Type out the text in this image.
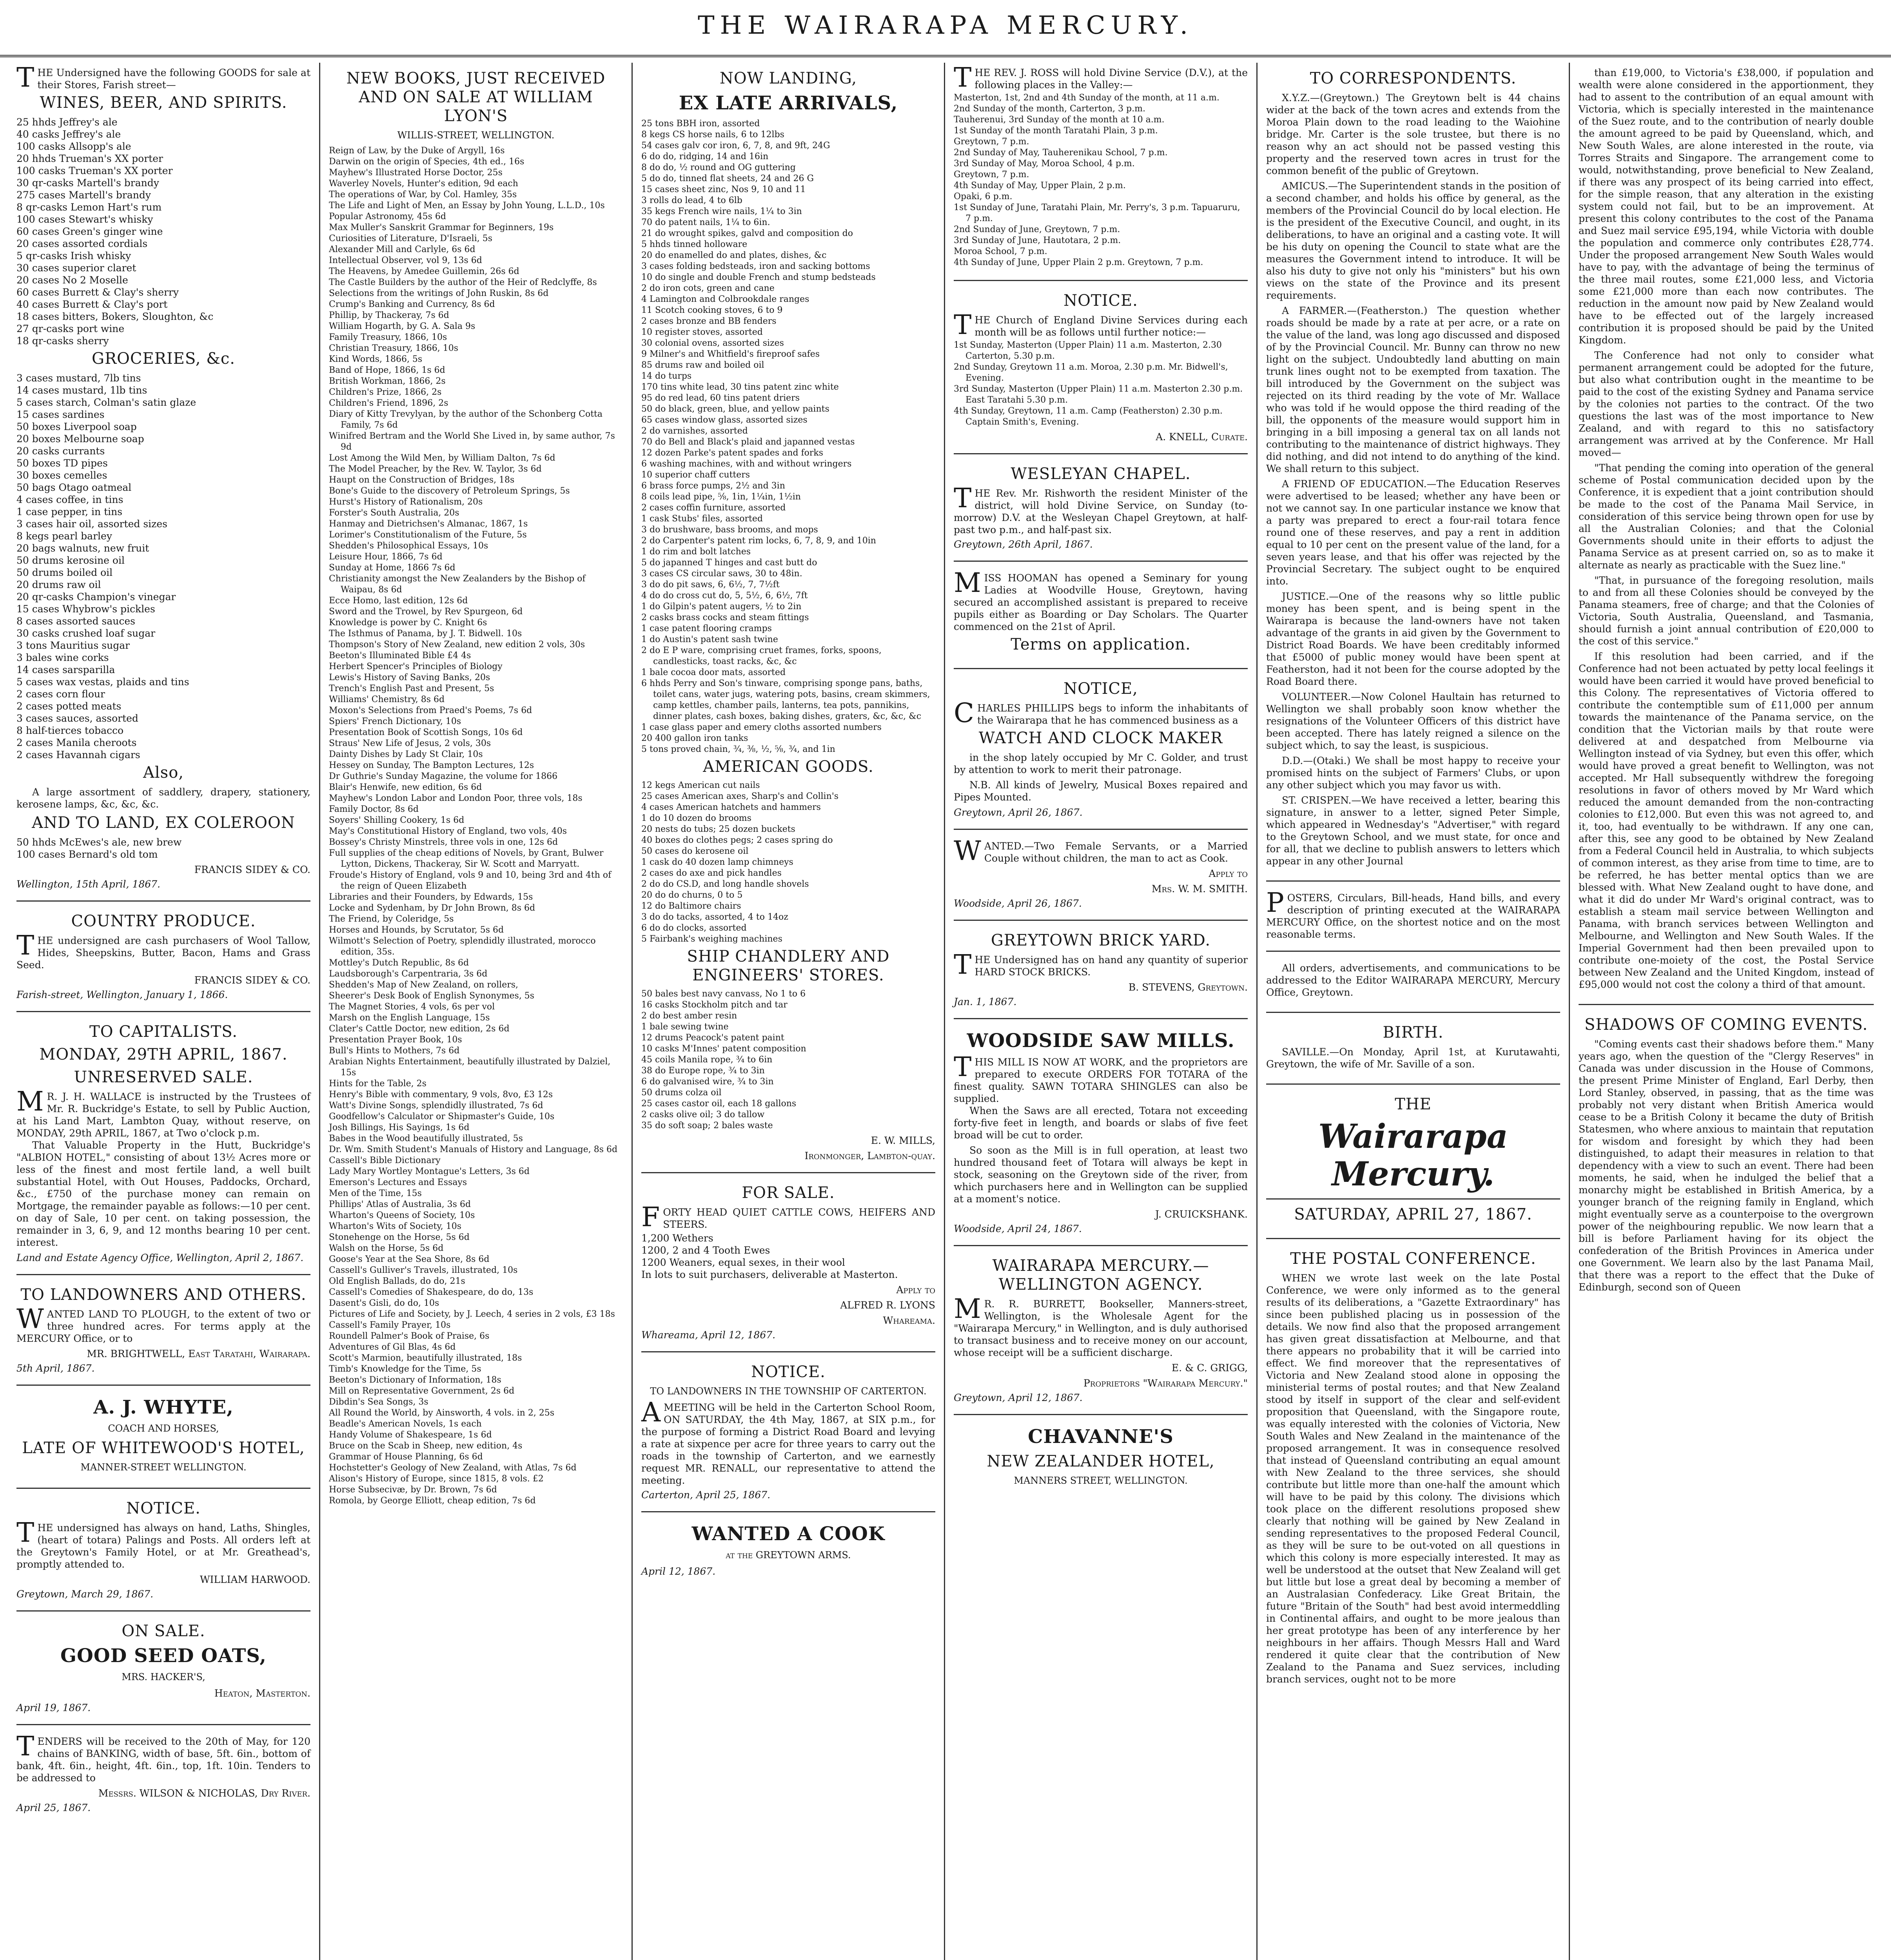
THE WAIRARAPA MERCURY.
THE Undersigned have the following GOODS for sale at their Stores, Farish street—
WINES, BEER, AND SPIRITS.
25 hhds Jeffrey's ale
40 casks Jeffrey's ale
100 casks Allsopp's ale
20 hhds Trueman's XX porter
100 casks Trueman's XX porter
30 qr-casks Martell's brandy
275 cases Martell's brandy
8 qr-casks Lemon Hart's rum
100 cases Stewart's whisky
60 cases Green's ginger wine
20 cases assorted cordials
5 qr-casks Irish whisky
30 cases superior claret
20 cases No 2 Moselle
60 cases Burrett & Clay's sherry
40 cases Burrett & Clay's port
18 cases bitters, Bokers, Sloughton, &c
27 qr-casks port wine
18 qr-casks sherry
GROCERIES, &c.
3 cases mustard, 7lb tins
14 cases mustard, 1lb tins
5 cases starch, Colman's satin glaze
15 cases sardines
50 boxes Liverpool soap
20 boxes Melbourne soap
20 casks currants
50 boxes TD pipes
30 boxes cemelles
50 bags Otago oatmeal
4 cases coffee, in tins
1 case pepper, in tins
3 cases hair oil, assorted sizes
8 kegs pearl barley
20 bags walnuts, new fruit
50 drums kerosine oil
50 drums boiled oil
20 drums raw oil
20 qr-casks Champion's vinegar
15 cases Whybrow's pickles
8 cases assorted sauces
30 casks crushed loaf sugar
3 tons Mauritius sugar
3 bales wine corks
14 cases sarsparilla
5 cases wax vestas, plaids and tins
2 cases corn flour
2 cases potted meats
3 cases sauces, assorted
8 half-tierces tobacco
2 cases Manila cheroots
2 cases Havannah cigars
Also,
A large assortment of saddlery, drapery, stationery, kerosene lamps, &c, &c, &c.
AND TO LAND, EX COLEROON
50 hhds McEwes's ale, new brew
100 cases Bernard's old tom
FRANCIS SIDEY & CO.
Wellington, 15th April, 1867.
COUNTRY PRODUCE.
THE undersigned are cash purchasers of Wool Tallow, Hides, Sheepskins, Butter, Bacon, Hams and Grass Seed.
FRANCIS SIDEY & CO.
Farish-street, Wellington, January 1, 1866.
TO CAPITALISTS.
MONDAY, 29TH APRIL, 1867.
UNRESERVED SALE.
MR. J. H. WALLACE is instructed by the Trustees of Mr. R. Buckridge's Estate, to sell by Public Auction, at his Land Mart, Lambton Quay, without reserve, on MONDAY, 29th APRIL, 1867, at Two o'clock p.m.
That Valuable Property in the Hutt, Buckridge's "ALBION HOTEL," consisting of about 13½ Acres more or less of the finest and most fertile land, a well built substantial Hotel, with Out Houses, Paddocks, Orchard, &c., £750 of the purchase money can remain on Mortgage, the remainder payable as follows:—10 per cent. on day of Sale, 10 per cent. on taking possession, the remainder in 3, 6, 9, and 12 months bearing 10 per cent. interest.
Land and Estate Agency Office, Wellington, April 2, 1867.
TO LANDOWNERS AND OTHERS.
WANTED LAND TO PLOUGH, to the extent of two or three hundred acres. For terms apply at the MERCURY Office, or to
MR. BRIGHTWELL, East Taratahi, Wairarapa.
5th April, 1867.
A. J. WHYTE,
COACH AND HORSES,
LATE OF WHITEWOOD'S HOTEL,
MANNER-STREET WELLINGTON.
NOTICE.
THE undersigned has always on hand, Laths, Shingles, (heart of totara) Palings and Posts. All orders left at the Greytown's Family Hotel, or at Mr. Greathead's, promptly attended to.
WILLIAM HARWOOD.
Greytown, March 29, 1867.
ON SALE.
GOOD SEED OATS,
MRS. HACKER'S,
Heaton, Masterton.
April 19, 1867.
TENDERS will be received to the 20th of May, for 120 chains of BANKING, width of base, 5ft. 6in., bottom of bank, 4ft. 6in., height, 4ft. 6in., top, 1ft. 10in. Tenders to be addressed to
Messrs. WILSON & NICHOLAS, Dry River.
April 25, 1867.
NEW BOOKS, JUST RECEIVED AND ON SALE AT WILLIAM LYON'S
WILLIS-STREET, WELLINGTON.
Reign of Law, by the Duke of Argyll, 16s
Darwin on the origin of Species, 4th ed., 16s
Mayhew's Illustrated Horse Doctor, 25s
Waverley Novels, Hunter's edition, 9d each
The operations of War, by Col. Hamley, 35s
The Life and Light of Men, an Essay by John Young, L.L.D., 10s
Popular Astronomy, 45s 6d
Max Muller's Sanskrit Grammar for Beginners, 19s
Curiosities of Literature, D'Israeli, 5s
Alexander Mill and Carlyle, 6s 6d
Intellectual Observer, vol 9, 13s 6d
The Heavens, by Amedee Guillemin, 26s 6d
The Castle Builders by the author of the Heir of Redclyffe, 8s
Selections from the writings of John Ruskin, 8s 6d
Crump's Banking and Currency, 8s 6d
Phillip, by Thackeray, 7s 6d
William Hogarth, by G. A. Sala 9s
Family Treasury, 1866, 10s
Christian Treasury, 1866, 10s
Kind Words, 1866, 5s
Band of Hope, 1866, 1s 6d
British Workman, 1866, 2s
Children's Prize, 1866, 2s
Children's Friend, 1896, 2s
Diary of Kitty Trevylyan, by the author of the Schonberg Cotta Family, 7s 6d
Winifred Bertram and the World She Lived in, by same author, 7s 9d
Lost Among the Wild Men, by William Dalton, 7s 6d
The Model Preacher, by the Rev. W. Taylor, 3s 6d
Haupt on the Construction of Bridges, 18s
Bone's Guide to the discovery of Petroleum Springs, 5s
Hurst's History of Rationalism, 20s
Forster's South Australia, 20s
Hanmay and Dietrichsen's Almanac, 1867, 1s
Lorimer's Constitutionalism of the Future, 5s
Shedden's Philosophical Essays, 10s
Leisure Hour, 1866, 7s 6d
Sunday at Home, 1866 7s 6d
Christianity amongst the New Zealanders by the Bishop of Waipau, 8s 6d
Ecce Homo, last edition, 12s 6d
Sword and the Trowel, by Rev Spurgeon, 6d
Knowledge is power by C. Knight 6s
The Isthmus of Panama, by J. T. Bidwell. 10s
Thompson's Story of New Zealand, new edition 2 vols, 30s
Beeton's Illuminated Bible £4 4s
Herbert Spencer's Principles of Biology
Lewis's History of Saving Banks, 20s
Trench's English Past and Present, 5s
Williams' Chemistry, 8s 6d
Moxon's Selections from Praed's Poems, 7s 6d
Spiers' French Dictionary, 10s
Presentation Book of Scottish Songs, 10s 6d
Straus' New Life of Jesus, 2 vols, 30s
Dainty Dishes by Lady St Clair, 10s
Hessey on Sunday, The Bampton Lectures, 12s
Dr Guthrie's Sunday Magazine, the volume for 1866
Blair's Henwife, new edition, 6s 6d
Mayhew's London Labor and London Poor, three vols, 18s
Family Doctor, 8s 6d
Soyers' Shilling Cookery, 1s 6d
May's Constitutional History of England, two vols, 40s
Bossey's Christy Minstrels, three vols in one, 12s 6d
Full supplies of the cheap editions of Novels, by Grant, Bulwer Lytton, Dickens, Thackeray, Sir W. Scott and Marryatt.
Froude's History of England, vols 9 and 10, being 3rd and 4th of the reign of Queen Elizabeth
Libraries and their Founders, by Edwards, 15s
Locke and Sydenham, by Dr John Brown, 8s 6d
The Friend, by Coleridge, 5s
Horses and Hounds, by Scrutator, 5s 6d
Wilmott's Selection of Poetry, splendidly illustrated, morocco edition, 35s.
Mottley's Dutch Republic, 8s 6d
Laudsborough's Carpentraria, 3s 6d
Shedden's Map of New Zealand, on rollers,
Sheerer's Desk Book of English Synonymes, 5s
The Magnet Stories, 4 vols, 6s per vol
Marsh on the English Language, 15s
Clater's Cattle Doctor, new edition, 2s 6d
Presentation Prayer Book, 10s
Bull's Hints to Mothers, 7s 6d
Arabian Nights Entertainment, beautifully illustrated by Dalziel, 15s
Hints for the Table, 2s
Henry's Bible with commentary, 9 vols, 8vo, £3 12s
Watt's Divine Songs, splendidly illustrated, 7s 6d
Goodfellow's Calculator or Shipmaster's Guide, 10s
Josh Billings, His Sayings, 1s 6d
Babes in the Wood beautifully illustrated, 5s
Dr. Wm. Smith Student's Manuals of History and Language, 8s 6d
Cassell's Bible Dictionary
Lady Mary Wortley Montague's Letters, 3s 6d
Emerson's Lectures and Essays
Men of the Time, 15s
Phillips' Atlas of Australia, 3s 6d
Wharton's Queens of Society, 10s
Wharton's Wits of Society, 10s
Stonehenge on the Horse, 5s 6d
Walsh on the Horse, 5s 6d
Goose's Year at the Sea Shore, 8s 6d
Cassell's Gulliver's Travels, illustrated, 10s
Old English Ballads, do do, 21s
Cassell's Comedies of Shakespeare, do do, 13s
Dasent's Gisli, do do, 10s
Pictures of Life and Society, by J. Leech, 4 series in 2 vols, £3 18s
Cassell's Family Prayer, 10s
Roundell Palmer's Book of Praise, 6s
Adventures of Gil Blas, 4s 6d
Scott's Marmion, beautifully illustrated, 18s
Timb's Knowledge for the Time, 5s
Beeton's Dictionary of Information, 18s
Mill on Representative Government, 2s 6d
Dibdin's Sea Songs, 3s
All Round the World, by Ainsworth, 4 vols. in 2, 25s
Beadle's American Novels, 1s each
Handy Volume of Shakespeare, 1s 6d
Bruce on the Scab in Sheep, new edition, 4s
Grammar of House Planning, 6s 6d
Hochstetter's Geology of New Zealand, with Atlas, 7s 6d
Alison's History of Europe, since 1815, 8 vols. £2
Horse Subsecivæ, by Dr. Brown, 7s 6d
Romola, by George Elliott, cheap edition, 7s 6d
NOW LANDING,
EX LATE ARRIVALS,
25 tons BBH iron, assorted
8 kegs CS horse nails, 6 to 12lbs
54 cases galv cor iron, 6, 7, 8, and 9ft, 24G
6 do do, ridging, 14 and 16in
8 do do, ½ round and OG guttering
5 do do, tinned flat sheets, 24 and 26 G
15 cases sheet zinc, Nos 9, 10 and 11
3 rolls do lead, 4 to 6lb
35 kegs French wire nails, 1¼ to 3in
70 do patent nails, 1¼ to 6in.
21 do wrought spikes, galvd and composition do
5 hhds tinned holloware
20 do enamelled do and plates, dishes, &c
3 cases folding bedsteads, iron and sacking bottoms
10 do single and double French and stump bedsteads
2 do iron cots, green and cane
4 Lamington and Colbrookdale ranges
11 Scotch cooking stoves, 6 to 9
2 cases bronze and BB fenders
10 register stoves, assorted
30 colonial ovens, assorted sizes
9 Milner's and Whitfield's fireproof safes
85 drums raw and boiled oil
14 do turps
170 tins white lead, 30 tins patent zinc white
95 do red lead, 60 tins patent driers
50 do black, green, blue, and yellow paints
65 cases window glass, assorted sizes
2 do varnishes, assorted
70 do Bell and Black's plaid and japanned vestas
12 dozen Parke's patent spades and forks
6 washing machines, with and without wringers
10 superior chaff cutters
6 brass force pumps, 2½ and 3in
8 coils lead pipe, ⅝, 1in, 1¼in, 1½in
2 cases coffin furniture, assorted
1 cask Stubs' files, assorted
3 do brushware, bass brooms, and mops
2 do Carpenter's patent rim locks, 6, 7, 8, 9, and 10in
1 do rim and bolt latches
5 do japanned T hinges and cast butt do
3 cases CS circular saws, 30 to 48in.
3 do do pit saws, 6, 6½, 7, 7½ft
4 do do cross cut do, 5, 5½, 6, 6½, 7ft
1 do Gilpin's patent augers, ½ to 2in
2 casks brass cocks and steam fittings
1 case patent flooring cramps
1 do Austin's patent sash twine
2 do E P ware, comprising cruet frames, forks, spoons, candlesticks, toast racks, &c, &c
1 bale cocoa door mats, assorted
6 hhds Perry and Son's tinware, comprising sponge pans, baths, toilet cans, water jugs, watering pots, basins, cream skimmers, camp kettles, chamber pails, lanterns, tea pots, pannikins, dinner plates, cash boxes, baking dishes, graters, &c, &c, &c
1 case glass paper and emery cloths assorted numbers
20 400 gallon iron tanks
5 tons proved chain, ¾, ⅜, ½, ⅝, ¾, and 1in
AMERICAN GOODS.
12 kegs American cut nails
25 cases American axes, Sharp's and Collin's
4 cases American hatchets and hammers
1 do 10 dozen do brooms
20 nests do tubs; 25 dozen buckets
40 boxes do clothes pegs; 2 cases spring do
50 cases do kerosene oil
1 cask do 40 dozen lamp chimneys
2 cases do axe and pick handles
2 do do CS.D, and long handle shovels
20 do do churns, 0 to 5
12 do Baltimore chairs
3 do do tacks, assorted, 4 to 14oz
6 do do clocks, assorted
5 Fairbank's weighing machines
SHIP CHANDLERY AND ENGINEERS' STORES.
50 bales best navy canvass, No 1 to 6
16 casks Stockholm pitch and tar
2 do best amber resin
1 bale sewing twine
12 drums Peacock's patent paint
10 casks M'Innes' patent composition
45 coils Manila rope, ¾ to 6in
38 do Europe rope, ¾ to 3in
6 do galvanised wire, ¾ to 3in
50 drums colza oil
25 cases castor oil, each 18 gallons
2 casks olive oil; 3 do tallow
35 do soft soap; 2 bales waste
E. W. MILLS,
Ironmonger, Lambton-quay.
FOR SALE.
FORTY HEAD QUIET CATTLE COWS, HEIFERS AND STEERS.
1,200 Wethers
1200, 2 and 4 Tooth Ewes
1200 Weaners, equal sexes, in their wool
In lots to suit purchasers, deliverable at Masterton.
Apply to
ALFRED R. LYONS
Whareama.
Whareama, April 12, 1867.
NOTICE.
TO LANDOWNERS IN THE TOWNSHIP OF CARTERTON.
AMEETING will be held in the Carterton School Room, ON SATURDAY, the 4th May, 1867, at SIX p.m., for the purpose of forming a District Road Board and levying a rate at sixpence per acre for three years to carry out the roads in the township of Carterton, and we earnestly request MR. RENALL, our representative to attend the meeting.
Carterton, April 25, 1867.
WANTED A COOK
at the GREYTOWN ARMS.
April 12, 1867.
THE REV. J. ROSS will hold Divine Service (D.V.), at the following places in the Valley:—
Masterton, 1st, 2nd and 4th Sunday of the month, at 11 a.m.
2nd Sunday of the month, Carterton, 3 p.m.
Tauherenui, 3rd Sunday of the month at 10 a.m.
1st Sunday of the month Taratahi Plain, 3 p.m.
Greytown, 7 p.m.
2nd Sunday of May, Tauherenikau School, 7 p.m.
3rd Sunday of May, Moroa School, 4 p.m.
Greytown, 7 p.m.
4th Sunday of May, Upper Plain, 2 p.m.
Opaki, 6 p.m.
1st Sunday of June, Taratahi Plain, Mr. Perry's, 3 p.m. Tapuaruru, 7 p.m.
2nd Sunday of June, Greytown, 7 p.m.
3rd Sunday of June, Hautotara, 2 p.m.
Moroa School, 7 p.m.
4th Sunday of June, Upper Plain 2 p.m. Greytown, 7 p.m.
NOTICE.
THE Church of England Divine Services during each month will be as follows until further notice:—
1st Sunday, Masterton (Upper Plain) 11 a.m. Masterton, 2.30 Carterton, 5.30 p.m.
2nd Sunday, Greytown 11 a.m. Moroa, 2.30 p.m. Mr. Bidwell's, Evening.
3rd Sunday, Masterton (Upper Plain) 11 a.m. Masterton 2.30 p.m. East Taratahi 5.30 p.m.
4th Sunday, Greytown, 11 a.m. Camp (Featherston) 2.30 p.m. Captain Smith's, Evening.
A. KNELL, Curate.
WESLEYAN CHAPEL.
THE Rev. Mr. Rishworth the resident Minister of the district, will hold Divine Service, on Sunday (to-morrow) D.V. at the Wesleyan Chapel Greytown, at half-past two p.m., and half-past six.
Greytown, 26th April, 1867.
MISS HOOMAN has opened a Seminary for young Ladies at Woodville House, Greytown, having secured an accomplished assistant is prepared to receive pupils either as Boarding or Day Scholars. The Quarter commenced on the 21st of April.
Terms on application.
NOTICE,
CHARLES PHILLIPS begs to inform the inhabitants of the Wairarapa that he has commenced business as a
WATCH AND CLOCK MAKER
in the shop lately occupied by Mr C. Golder, and trust by attention to work to merit their patronage.
N.B. All kinds of Jewelry, Musical Boxes repaired and Pipes Mounted.
Greytown, April 26, 1867.
WANTED.—Two Female Servants, or a Married Couple without children, the man to act as Cook.
Apply to
Mrs. W. M. SMITH.
Woodside, April 26, 1867.
GREYTOWN BRICK YARD.
THE Undersigned has on hand any quantity of superior HARD STOCK BRICKS.
B. STEVENS, Greytown.
Jan. 1, 1867.
WOODSIDE SAW MILLS.
THIS MILL IS NOW AT WORK, and the proprietors are prepared to execute ORDERS FOR TOTARA of the finest quality. SAWN TOTARA SHINGLES can also be supplied.
When the Saws are all erected, Totara not exceeding forty-five feet in length, and boards or slabs of five feet broad will be cut to order.
So soon as the Mill is in full operation, at least two hundred thousand feet of Totara will always be kept in stock, seasoning on the Greytown side of the river, from which purchasers here and in Wellington can be supplied at a moment's notice.
J. CRUICKSHANK.
Woodside, April 24, 1867.
WAIRARAPA MERCURY.—WELLINGTON AGENCY.
MR. R. BURRETT, Bookseller, Manners-street, Wellington, is the Wholesale Agent for the "Wairarapa Mercury," in Wellington, and is duly authorised to transact business and to receive money on our account, whose receipt will be a sufficient discharge.
E. & C. GRIGG,
Proprietors "Wairarapa Mercury."
Greytown, April 12, 1867.
CHAVANNE'S
NEW ZEALANDER HOTEL,
MANNERS STREET, WELLINGTON.
TO CORRESPONDENTS.

X.Y.Z.—(Greytown.) The Greytown belt is 44 chains wider at the back of the town acres and extends from the Moroa Plain down to the road leading to the Waiohine bridge. Mr. Carter is the sole trustee, but there is no reason why an act should not be passed vesting this property and the reserved town acres in trust for the common benefit of the public of Greytown.

AMICUS.—The Superintendent stands in the position of a second chamber, and holds his office by general, as the members of the Provincial Council do by local election. He is the president of the Executive Council, and ought, in its deliberations, to have an original and a casting vote. It will be his duty on opening the Council to state what are the measures the Government intend to introduce. It will be also his duty to give not only his "ministers" but his own views on the state of the Province and its present requirements.

A FARMER.—(Featherston.) The question whether roads should be made by a rate at per acre, or a rate on the value of the land, was long ago discussed and disposed of by the Provincial Council. Mr. Bunny can throw no new light on the subject. Undoubtedly land abutting on main trunk lines ought not to be exempted from taxation. The bill introduced by the Government on the subject was rejected on its third reading by the vote of Mr. Wallace who was told if he would oppose the third reading of the bill, the opponents of the measure would support him in bringing in a bill imposing a general tax on all lands not contributing to the maintenance of district highways. They did nothing, and did not intend to do anything of the kind. We shall return to this subject.

A FRIEND OF EDUCATION.—The Education Reserves were advertised to be leased; whether any have been or not we cannot say. In one particular instance we know that a party was prepared to erect a four-rail totara fence round one of these reserves, and pay a rent in addition equal to 10 per cent on the present value of the land, for a seven years lease, and that his offer was rejected by the Provincial Secretary. The subject ought to be enquired into.

JUSTICE.—One of the reasons why so little public money has been spent, and is being spent in the Wairarapa is because the land-owners have not taken advantage of the grants in aid given by the Government to District Road Boards. We have been creditably informed that £5000 of public money would have been spent at Featherston, had it not been for the course adopted by the Road Board there.

VOLUNTEER.—Now Colonel Haultain has returned to Wellington we shall probably soon know whether the resignations of the Volunteer Officers of this district have been accepted. There has lately reigned a silence on the subject which, to say the least, is suspicious.

D.D.—(Otaki.) We shall be most happy to receive your promised hints on the subject of Farmers' Clubs, or upon any other subject which you may favor us with.

ST. CRISPEN.—We have received a letter, bearing this signature, in answer to a letter, signed Peter Simple, which appeared in Wednesday's "Advertiser," with regard to the Greytown School, and we must state, for once and for all, that we decline to publish answers to letters which appear in any other Journal

POSTERS, Circulars, Bill-heads, Hand bills, and every description of printing executed at the WAIRARAPA MERCURY Office, on the shortest notice and on the most reasonable terms.
All orders, advertisements, and communications to be addressed to the Editor WAIRARAPA MERCURY, Mercury Office, Greytown.
BIRTH.
SAVILLE.—On Monday, April 1st, at Kurutawahti, Greytown, the wife of Mr. Saville of a son.
THE
Wairarapa Mercury.
SATURDAY, APRIL 27, 1867.
THE POSTAL CONFERENCE.

WHEN we wrote last week on the late Postal Conference, we were only informed as to the general results of its deliberations, a "Gazette Extraordinary" has since been published placing us in possession of the details. We now find also that the proposed arrangement has given great dissatisfaction at Melbourne, and that there appears no probability that it will be carried into effect. We find moreover that the representatives of Victoria and New Zealand stood alone in opposing the ministerial terms of postal routes; and that New Zealand stood by itself in support of the clear and self-evident proposition that Queensland, with the Singapore route, was equally interested with the colonies of Victoria, New South Wales and New Zealand in the maintenance of the proposed arrangement. It was in consequence resolved that instead of Queensland contributing an equal amount with New Zealand to the three services, she should contribute but little more than one-half the amount which will have to be paid by this colony. The divisions which took place on the different resolutions proposed shew clearly that nothing will be gained by New Zealand in sending representatives to the proposed Federal Council, as they will be sure to be out-voted on all questions in which this colony is more especially interested. It may as well be understood at the outset that New Zealand will get but little but lose a great deal by becoming a member of an Australasian Confederacy. Like Great Britain, the future "Britain of the South" had best avoid intermeddling in Continental affairs, and ought to be more jealous than her great prototype has been of any interference by her neighbours in her affairs. Though Messrs Hall and Ward rendered it quite clear that the contribution of New Zealand to the Panama and Suez services, including branch services, ought not to be more

than £19,000, to Victoria's £38,000, if population and wealth were alone considered in the apportionment, they had to assent to the contribution of an equal amount with Victoria, which is specially interested in the maintenance of the Suez route, and to the contribution of nearly double the amount agreed to be paid by Queensland, which, and New South Wales, are alone interested in the route, via Torres Straits and Singapore. The arrangement come to would, notwithstanding, prove beneficial to New Zealand, if there was any prospect of its being carried into effect, for the simple reason, that any alteration in the existing system could not fail, but to be an improvement. At present this colony contributes to the cost of the Panama and Suez mail service £95,194, while Victoria with double the population and commerce only contributes £28,774. Under the proposed arrangement New South Wales would have to pay, with the advantage of being the terminus of the three mail routes, some £21,000 less, and Victoria some £21,000 more than each now contributes. The reduction in the amount now paid by New Zealand would have to be effected out of the largely increased contribution it is proposed should be paid by the United Kingdom.

The Conference had not only to consider what permanent arrangement could be adopted for the future, but also what contribution ought in the meantime to be paid to the cost of the existing Sydney and Panama service by the colonies not parties to the contract. Of the two questions the last was of the most importance to New Zealand, and with regard to this no satisfactory arrangement was arrived at by the Conference. Mr Hall moved—

"That pending the coming into operation of the general scheme of Postal communication decided upon by the Conference, it is expedient that a joint contribution should be made to the cost of the Panama Mail Service, in consideration of this service being thrown open for use by all the Australian Colonies; and that the Colonial Governments should unite in their efforts to adjust the Panama Service as at present carried on, so as to make it alternate as nearly as practicable with the Suez line."

"That, in pursuance of the foregoing resolution, mails to and from all these Colonies should be conveyed by the Panama steamers, free of charge; and that the Colonies of Victoria, South Australia, Queensland, and Tasmania, should furnish a joint annual contribution of £20,000 to the cost of this service."

If this resolution had been carried, and if the Conference had not been actuated by petty local feelings it would have been carried it would have proved beneficial to this Colony. The representatives of Victoria offered to contribute the contemptible sum of £11,000 per annum towards the maintenance of the Panama service, on the condition that the Victorian mails by that route were delivered at and despatched from Melbourne via Wellington instead of via Sydney, but even this offer, which would have proved a great benefit to Wellington, was not accepted. Mr Hall subsequently withdrew the foregoing resolutions in favor of others moved by Mr Ward which reduced the amount demanded from the non-contracting colonies to £12,000. But even this was not agreed to, and it, too, had eventually to be withdrawn. If any one can, after this, see any good to be obtained by New Zealand from a Federal Council held in Australia, to which subjects of common interest, as they arise from time to time, are to be referred, he has better mental optics than we are blessed with. What New Zealand ought to have done, and what it did do under Mr Ward's original contract, was to establish a steam mail service between Wellington and Panama, with branch services between Wellington and Melbourne, and Wellington and New South Wales. If the Imperial Government had then been prevailed upon to contribute one-moiety of the cost, the Postal Service between New Zealand and the United Kingdom, instead of £95,000 would not cost the colony a third of that amount.

SHADOWS OF COMING EVENTS.

"Coming events cast their shadows before them." Many years ago, when the question of the "Clergy Reserves" in Canada was under discussion in the House of Commons, the present Prime Minister of England, Earl Derby, then Lord Stanley, observed, in passing, that as the time was probably not very distant when British America would cease to be a British Colony it became the duty of British Statesmen, who where anxious to maintain that reputation for wisdom and foresight by which they had been distinguished, to adapt their measures in relation to that dependency with a view to such an event. There had been moments, he said, when he indulged the belief that a monarchy might be established in British America, by a younger branch of the reigning family in England, which might eventually serve as a counterpoise to the overgrown power of the neighbouring republic. We now learn that a bill is before Parliament having for its object the confederation of the British Provinces in America under one Government. We learn also by the last Panama Mail, that there was a report to the effect that the Duke of Edinburgh, second son of Queen
